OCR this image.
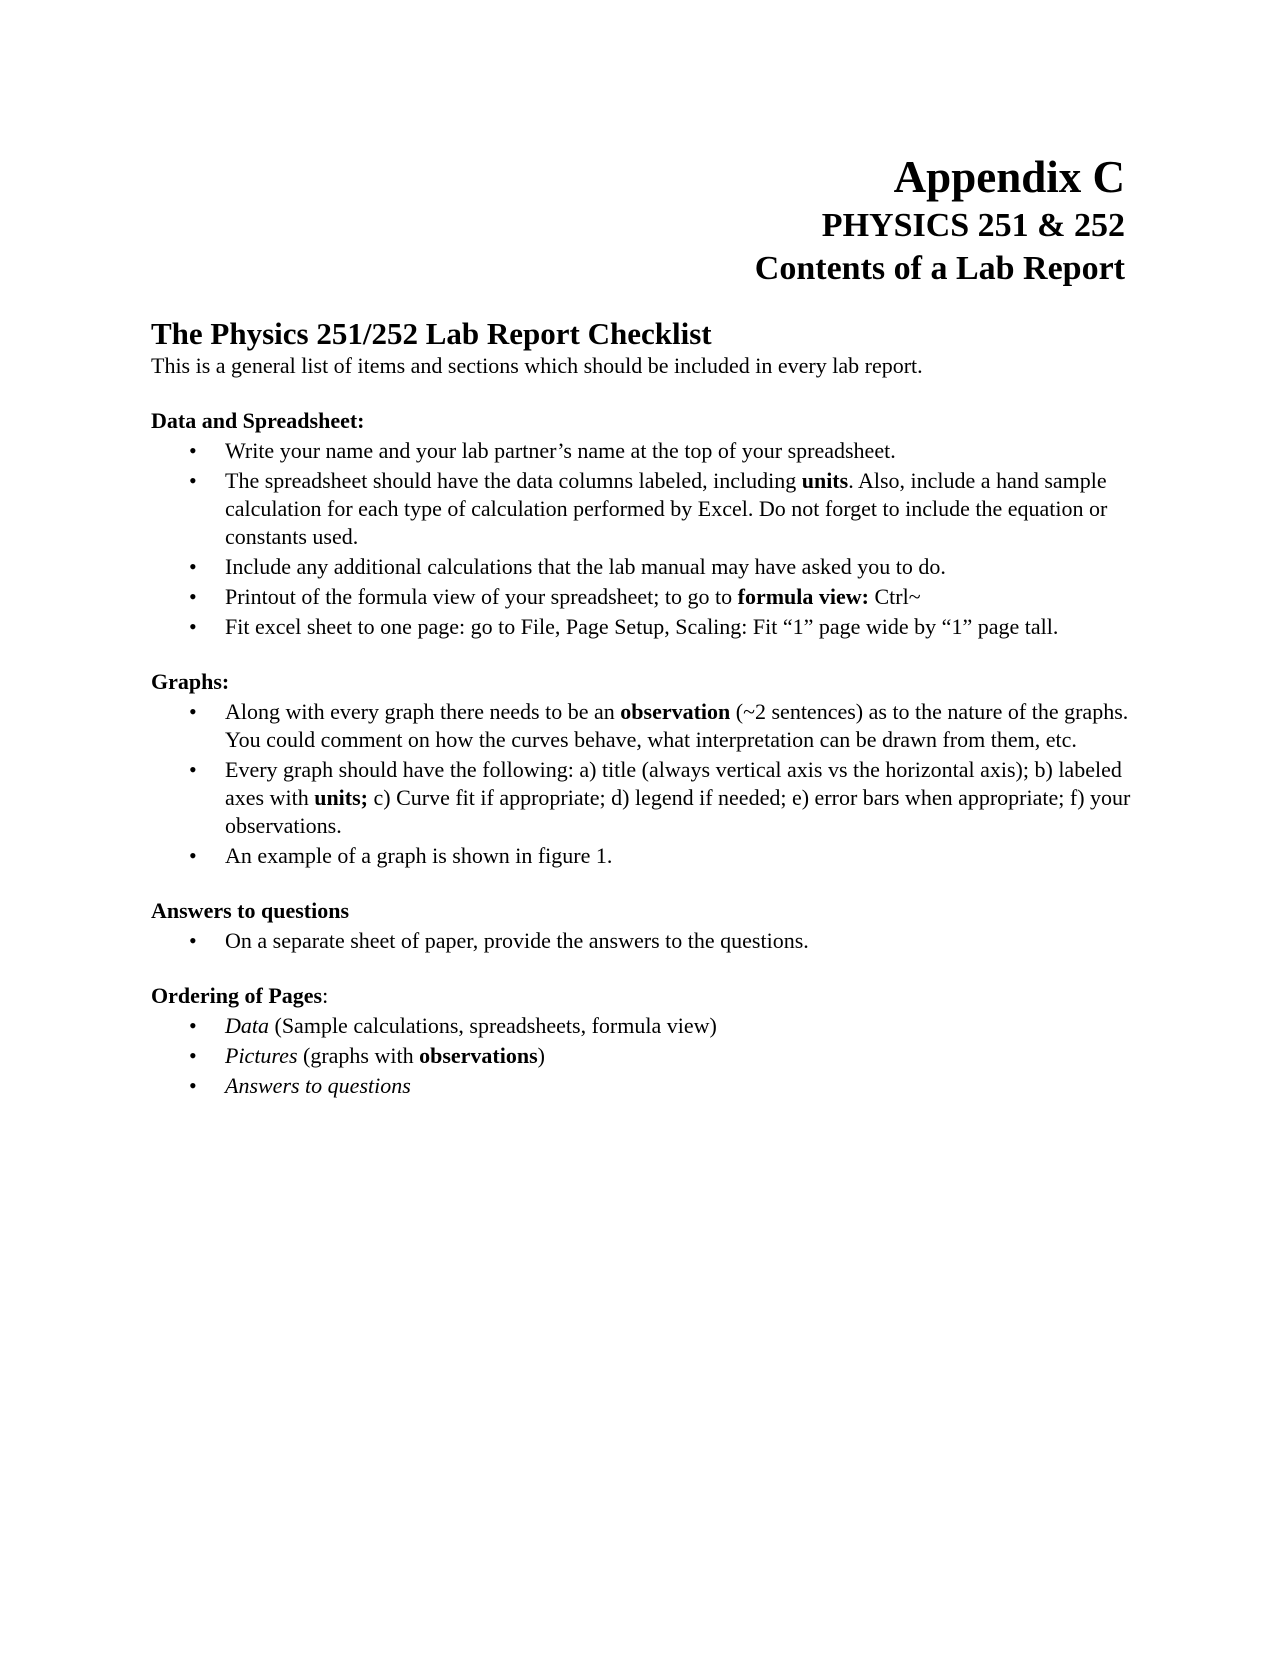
Appendix C

PHYSICS 251 & 252

Contents of a Lab Report

The Physics 251/252 Lab Report Checklist

This is a general list of items and sections which should be included in every lab report.

Data and Spreadsheet:

•	Write your name and your lab partner’s name at the top of your spreadsheet.
•	The spreadsheet should have the data columns labeled, including units. Also, include a hand sample calculation for each type of calculation performed by Excel. Do not forget to include the equation or constants used.
•	Include any additional calculations that the lab manual may have asked you to do.
•	Printout of the formula view of your spreadsheet; to go to formula view: Ctrl~
•	Fit excel sheet to one page: go to File, Page Setup, Scaling: Fit “1” page wide by “1” page tall.

Graphs:

•	Along with every graph there needs to be an observation (~2 sentences) as to the nature of the graphs. You could comment on how the curves behave, what interpretation can be drawn from them, etc.
•	Every graph should have the following: a) title (always vertical axis vs the horizontal axis); b) labeled axes with units; c) Curve fit if appropriate; d) legend if needed; e) error bars when appropriate; f) your observations.
•	An example of a graph is shown in figure 1.

Answers to questions

•	On a separate sheet of paper, provide the answers to the questions.

Ordering of Pages:

•	Data (Sample calculations, spreadsheets, formula view)
•	Pictures (graphs with observations)
•	Answers to questions
